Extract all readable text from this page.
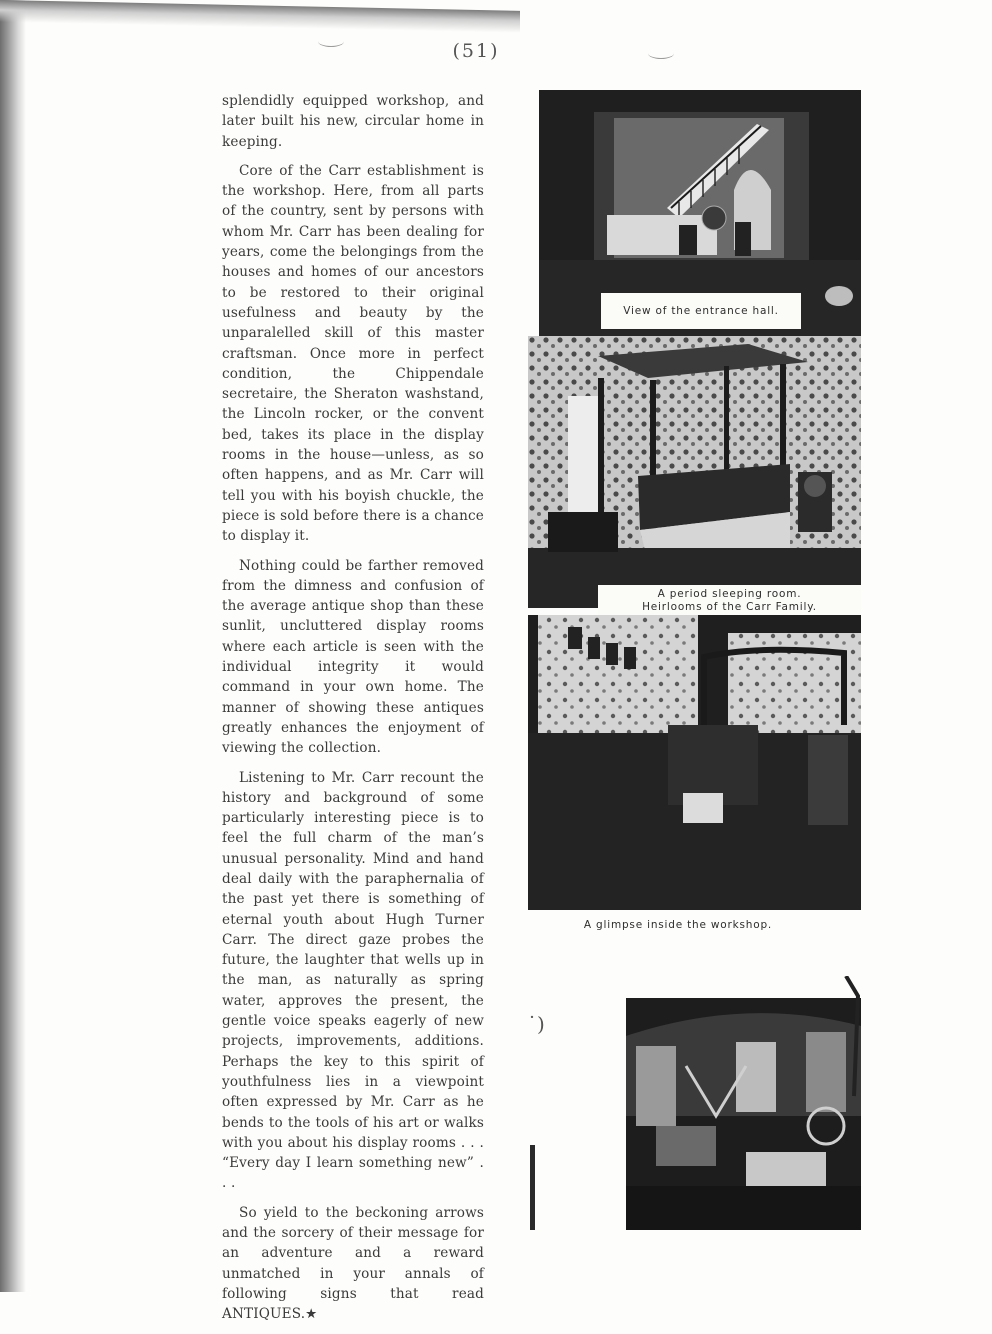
(51)

splendidly equipped workshop, and later built his new, circular home in keeping.

Core of the Carr establishment is the workshop. Here, from all parts of the country, sent by persons with whom Mr. Carr has been dealing for years, come the belongings from the houses and homes of our ancestors to be restored to their original usefulness and beauty by the unparalelled skill of this master craftsman. Once more in perfect condition, the Chippendale secretaire, the Sheraton washstand, the Lincoln rocker, or the convent bed, takes its place in the display rooms in the house—unless, as so often happens, and as Mr. Carr will tell you with his boyish chuckle, the piece is sold before there is a chance to display it.

Nothing could be farther removed from the dimness and confusion of the average antique shop than these sunlit, uncluttered display rooms where each article is seen with the individual integrity it would command in your own home. The manner of showing these antiques greatly enhances the enjoyment of viewing the collection.

Listening to Mr. Carr recount the history and background of some particularly interesting piece is to feel the full charm of the man’s unusual personality. Mind and hand deal daily with the paraphernalia of the past yet there is something of eternal youth about Hugh Turner Carr. The direct gaze probes the future, the laughter that wells up in the man, as naturally as spring water, approves the present, the gentle voice speaks eagerly of new projects, improvements, additions. Perhaps the key to this spirit of youthfulness lies in a viewpoint often expressed by Mr. Carr as he bends to the tools of his art or walks with you about his display rooms . . . “Every day I learn something new” . . .

So yield to the beckoning arrows and the sorcery of their message for an adventure and a reward unmatched in your annals of following signs that read ANTIQUES.★

View of the entrance hall.
A period sleeping room.
Heirlooms of the Carr Family.
A glimpse inside the workshop.
˙)
